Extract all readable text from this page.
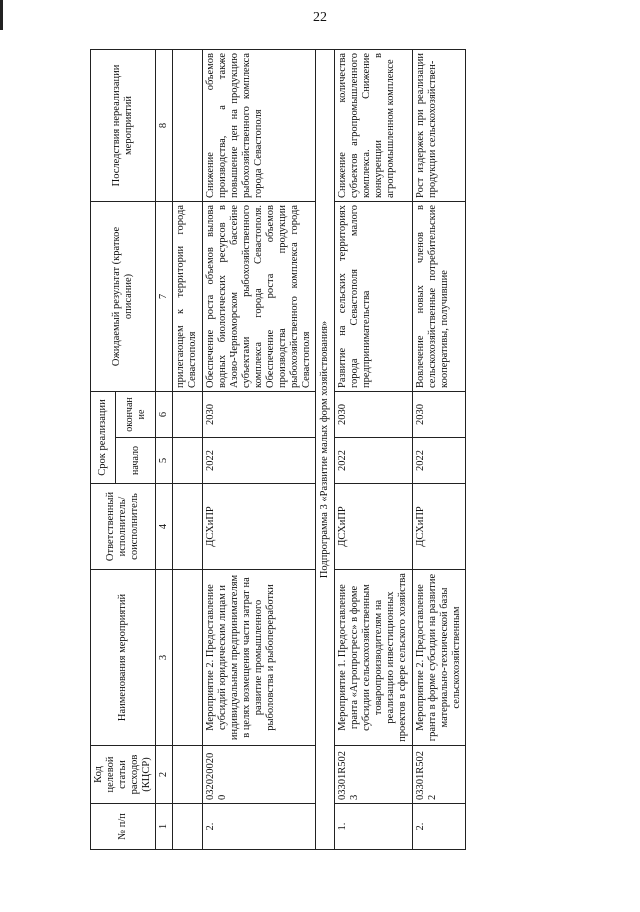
22
№ п/п	Код целевой статьи расходов (КЦСР)	Наименования мероприятий	Ответственный исполнитель/ соисполнитель	Срок реализации		Ожидаемый результат (краткое описание)	Последствия нереализации мероприятий
				начало	окончание		
1	2	3	4	5	6	7	8
						прилегающем к территории города Севастополя	
2.	0320200200	Мероприятие 2. Предоставление субсидий юридическим лицам и индивидуальным предпринимателям в целях возмещения части затрат на развитие промышленного рыболовства и рыбопереработки	ДСХиПР	2022	2030	Обеспечение роста объемов вылова водных биологических ресурсов в Азово-Черноморском бассейне субъектами рыбохозяйственного комплекса города Севастополя. Обеспечение роста объемов производства продукции рыбохозяйственного комплекса города Севастополя	Снижение объемов производства, а также повышение цен на продукцию рыбохозяйственного комплекса города Севастополя
Подпрограмма 3 «Развитие малых форм хозяйствования»							
1.	03301R5023	Мероприятие 1. Предоставление гранта «Агропрогресс» в форме субсидии сельскохозяйственным товаропроизводителям на реализацию инвестиционных проектов в сфере сельского хозяйства	ДСХиПР	2022	2030	Развитие на сельских территориях города Севастополя малого предпринимательства	Снижение количества субъектов агропромышленного комплекса. Снижение конкуренции в агропромышленном комплексе
2.	03301R5022	Мероприятие 2. Предоставление гранта в форме субсидии на развитие материально-технической базы сельскохозяйственным	ДСХиПР	2022	2030	Вовлечение новых членов в сельскохозяйственные потребительские кооперативы, получившие	Рост издержек при реализации продукции сельскохозяйствен-
